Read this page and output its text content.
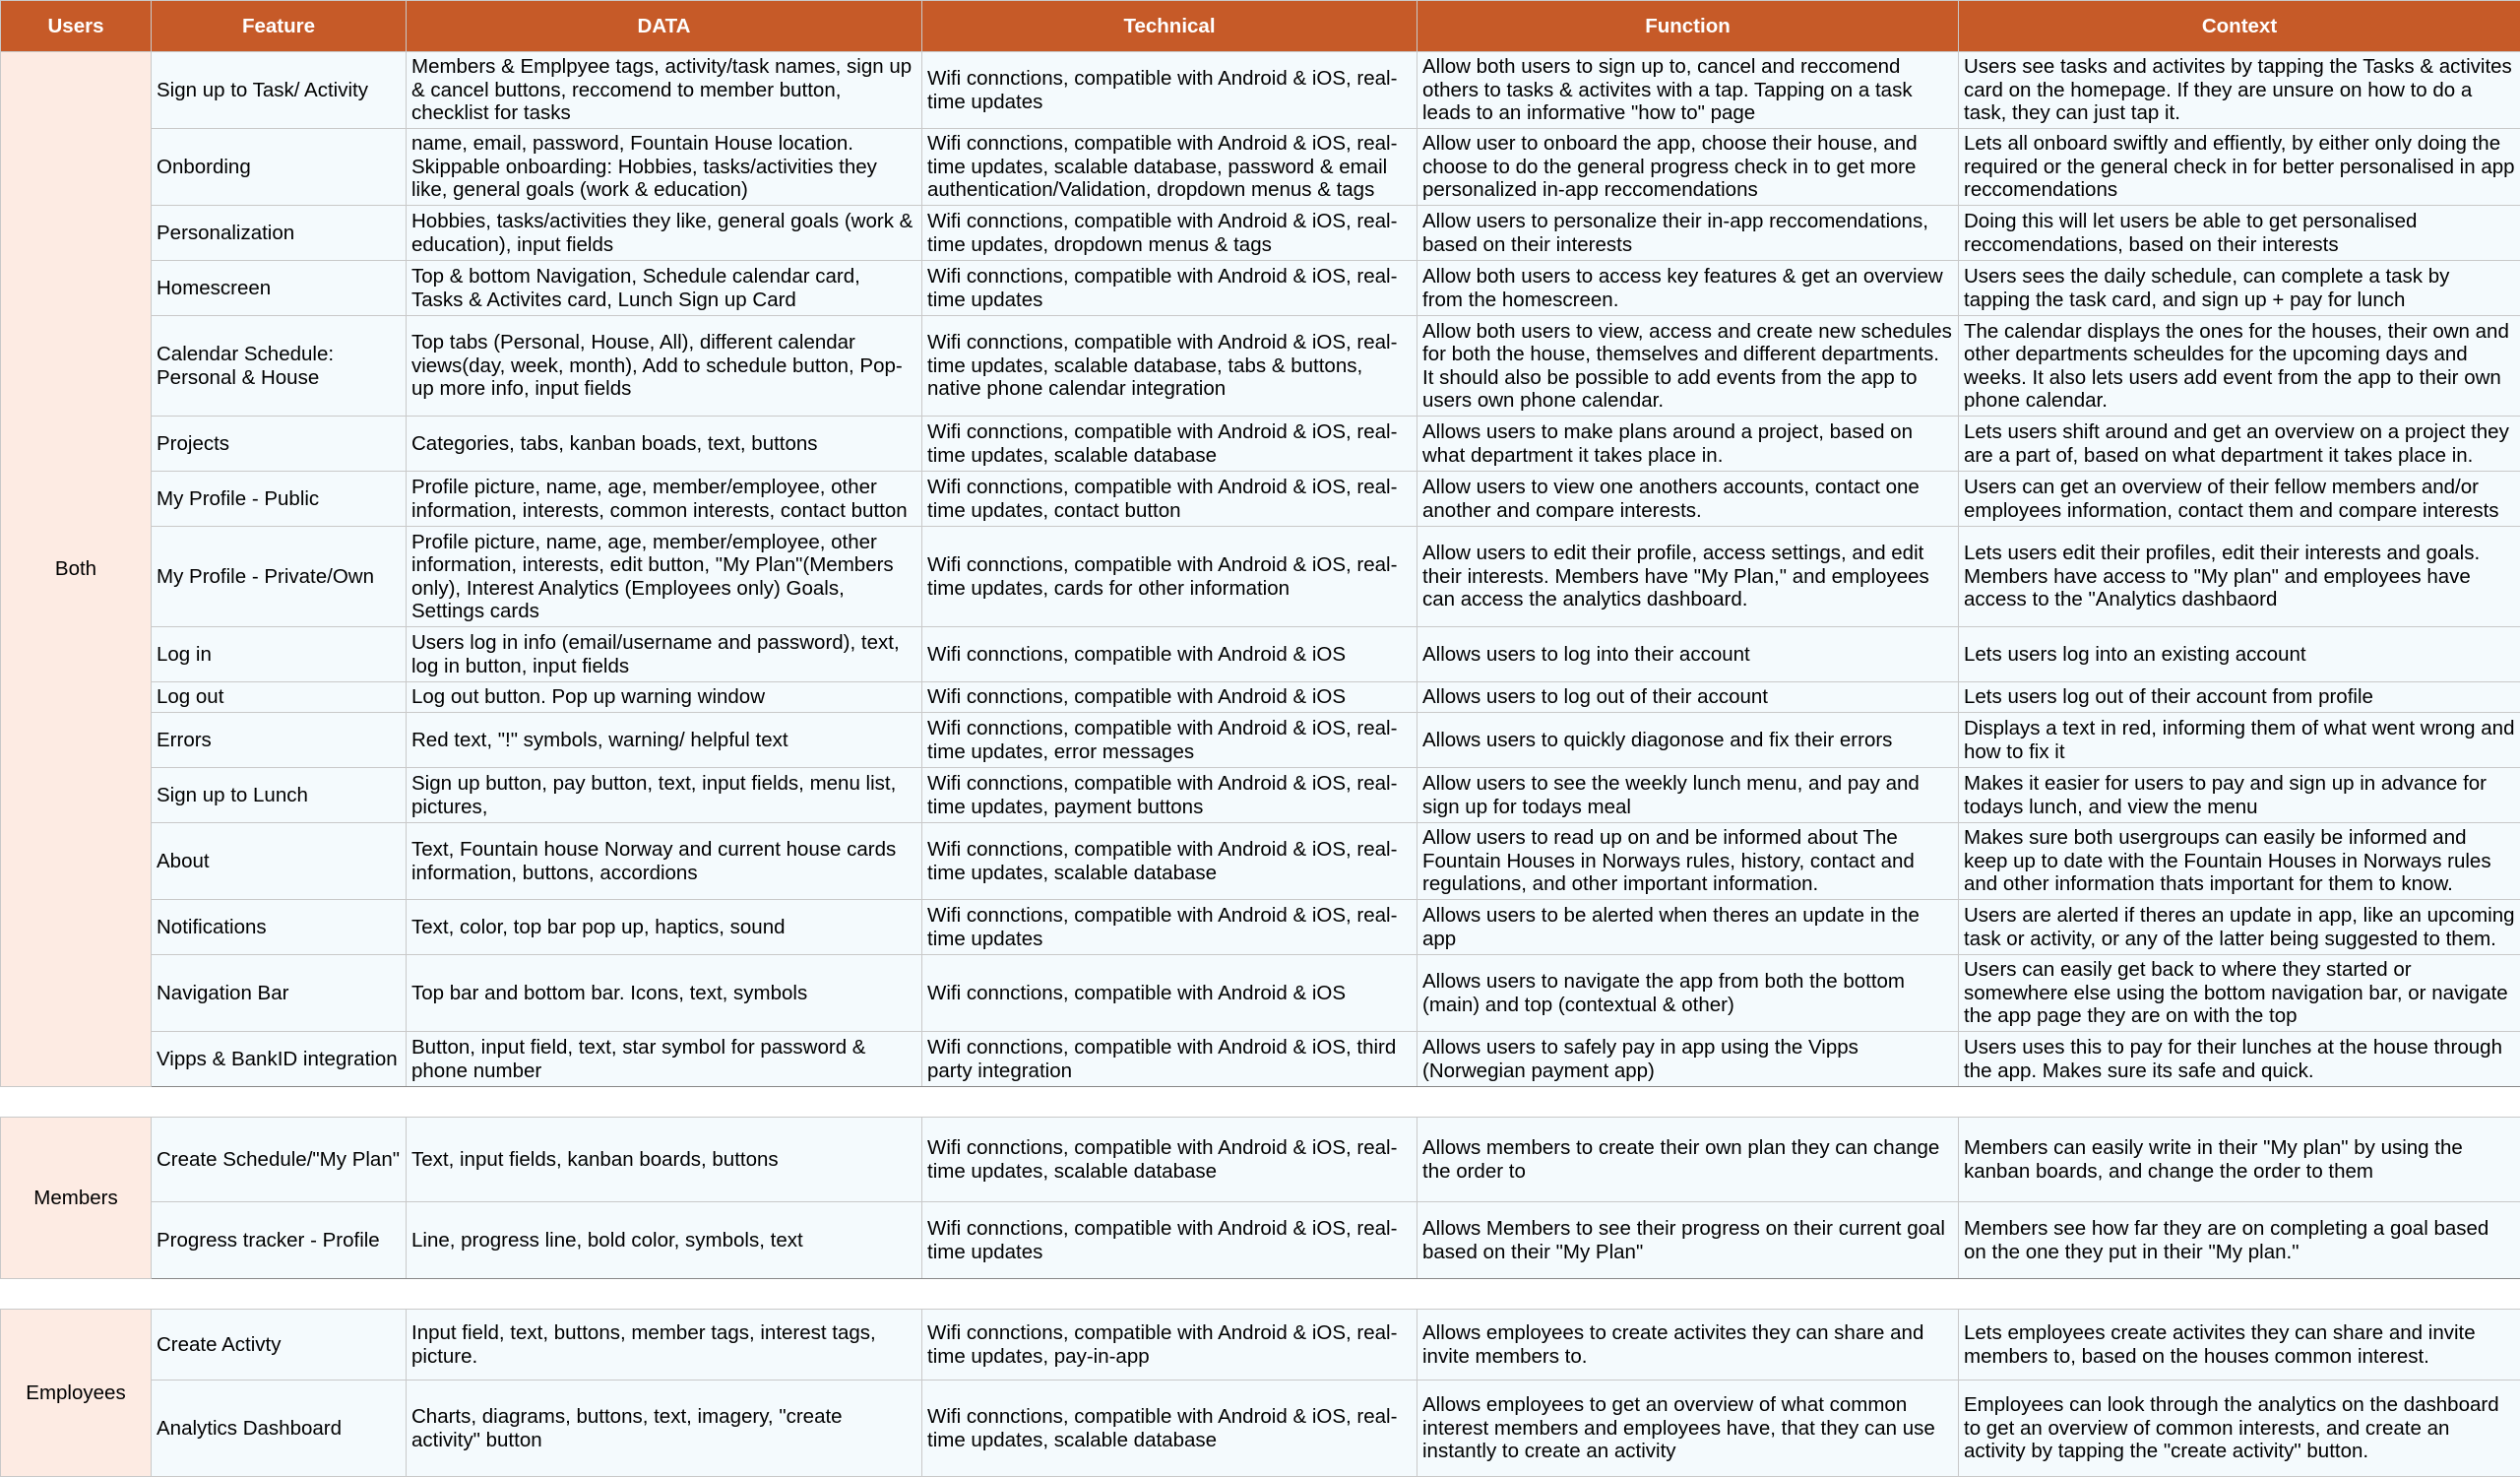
Users	Feature	DATA	Technical	Function	Context
Both	Sign up to Task/ Activity	Members & Emplpyee tags, activity/task names, sign up & cancel buttons, reccomend to member button, checklist for tasks	Wifi connctions, compatible with Android & iOS, real-time updates	Allow both users to sign up to, cancel and reccomend others to tasks & activites with a tap. Tapping on a task leads to an informative "how to" page	Users see tasks and activites by tapping the Tasks & activites card on the homepage. If they are unsure on how to do a task, they can just tap it.
	Onbording	name, email, password, Fountain House location. Skippable onboarding: Hobbies, tasks/activities they like, general goals (work & education)	Wifi connctions, compatible with Android & iOS, real-time updates, scalable database, password & email authentication/Validation, dropdown menus & tags	Allow user to onboard the app, choose their house, and choose to do the general progress check in to get more personalized in-app reccomendations	Lets all onboard swiftly and effiently, by either only doing the required or the general check in for better personalised in app reccomendations
	Personalization	Hobbies, tasks/activities they like, general goals (work & education), input fields	Wifi connctions, compatible with Android & iOS, real-time updates, dropdown menus & tags	Allow users to personalize their in-app reccomendations, based on their interests	Doing this will let users be able to get personalised reccomendations, based on their interests
	Homescreen	Top & bottom Navigation, Schedule calendar card, Tasks & Activites card, Lunch Sign up Card	Wifi connctions, compatible with Android & iOS, real-time updates	Allow both users to access key features & get an overview from the homescreen.	Users sees the daily schedule, can complete a task by tapping the task card, and sign up + pay for lunch
	Calendar Schedule: Personal & House	Top tabs (Personal, House, All), different calendar views(day, week, month), Add to schedule button, Pop-up more info, input fields	Wifi connctions, compatible with Android & iOS, real-time updates, scalable database, tabs & buttons, native phone calendar integration	Allow both users to view, access and create new schedules for both the house, themselves and different departments. It should also be possible to add events from the app to users own phone calendar.	The calendar displays the ones for the houses, their own and other departments scheuldes for the upcoming days and weeks. It also lets users add event from the app to their own phone calendar.
	Projects	Categories, tabs, kanban boads, text, buttons	Wifi connctions, compatible with Android & iOS, real-time updates, scalable database	Allows users to make plans around a project, based on what department it takes place in.	Lets users shift around and get an overview on a project they are a part of, based on what department it takes place in.
	My Profile - Public	Profile picture, name, age, member/employee, other information, interests, common interests, contact button	Wifi connctions, compatible with Android & iOS, real-time updates, contact button	Allow users to view one anothers accounts, contact one another and compare interests.	Users can get an overview of their fellow members and/or employees information, contact them and compare interests
	My Profile - Private/Own	Profile picture, name, age, member/employee, other information, interests, edit button, "My Plan"(Members only), Interest Analytics (Employees only) Goals, Settings cards	Wifi connctions, compatible with Android & iOS, real-time updates, cards for other information	Allow users to edit their profile, access settings, and edit their interests. Members have "My Plan," and employees can access the analytics dashboard.	Lets users edit their profiles, edit their interests and goals. Members have access to "My plan" and employees have access to the "Analytics dashbaord
	Log in	Users log in info (email/username and password), text, log in button, input fields	Wifi connctions, compatible with Android & iOS	Allows users to log into their account	Lets users log into an existing account
	Log out	Log out button. Pop up warning window	Wifi connctions, compatible with Android & iOS	Allows users to log out of their account	Lets users log out of their account from profile
	Errors	Red text, "!" symbols, warning/ helpful text	Wifi connctions, compatible with Android & iOS, real-time updates, error messages	Allows users to quickly diagonose and fix their errors	Displays a text in red, informing them of what went wrong and how to fix it
	Sign up to Lunch	Sign up button, pay button, text, input fields, menu list, pictures,	Wifi connctions, compatible with Android & iOS, real-time updates, payment buttons	Allow users to see the weekly lunch menu, and pay and sign up for todays meal	Makes it easier for users to pay and sign up in advance for todays lunch, and view the menu
	About	Text, Fountain house Norway and current house cards information, buttons, accordions	Wifi connctions, compatible with Android & iOS, real-time updates, scalable database	Allow users to read up on and be informed about The Fountain Houses in Norways rules, history, contact and regulations, and other important information.	Makes sure both usergroups can easily be informed and keep up to date with the Fountain Houses in Norways rules and other information thats important for them to know.
	Notifications	Text, color, top bar pop up, haptics, sound	Wifi connctions, compatible with Android & iOS, real-time updates	Allows users to be alerted when theres an update in the app	Users are alerted if theres an update in app, like an upcoming task or activity, or any of the latter being suggested to them.
	Navigation Bar	Top bar and bottom bar. Icons, text, symbols	Wifi connctions, compatible with Android & iOS	Allows users to navigate the app from both the bottom (main) and top (contextual & other)	Users can easily get back to where they started or somewhere else using the bottom navigation bar, or navigate the app page they are on with the top
	Vipps & BankID integration	Button, input field, text, star symbol for password & phone number	Wifi connctions, compatible with Android & iOS, third party integration	Allows users to safely pay in app using the Vipps (Norwegian payment app)	Users uses this to pay for their lunches at the house through the app. Makes sure its safe and quick.

Members	Create Schedule/"My Plan"	Text, input fields, kanban boards, buttons	Wifi connctions, compatible with Android & iOS, real-time updates, scalable database	Allows members to create their own plan they can change the order to	Members can easily write in their "My plan" by using the kanban boards, and change the order to them
	Progress tracker - Profile	Line, progress line, bold color, symbols, text	Wifi connctions, compatible with Android & iOS, real-time updates	Allows Members to see their progress on their current goal based on their "My Plan"	Members see how far they are on completing a goal based on the one they put in their "My plan."

Employees	Create Activty	Input field, text, buttons, member tags, interest tags, picture.	Wifi connctions, compatible with Android & iOS, real-time updates, pay-in-app	Allows employees to create activites they can share and invite members to.	Lets employees create activites they can share and invite members to, based on the houses common interest.
	Analytics Dashboard	Charts, diagrams, buttons, text, imagery, "create activity" button	Wifi connctions, compatible with Android & iOS, real-time updates, scalable database	Allows employees to get an overview of what common interest members and employees have, that they can use instantly to create an activity	Employees can look through the analytics on the dashboard to get an overview of common interests, and create an activity by tapping the "create activity" button.
